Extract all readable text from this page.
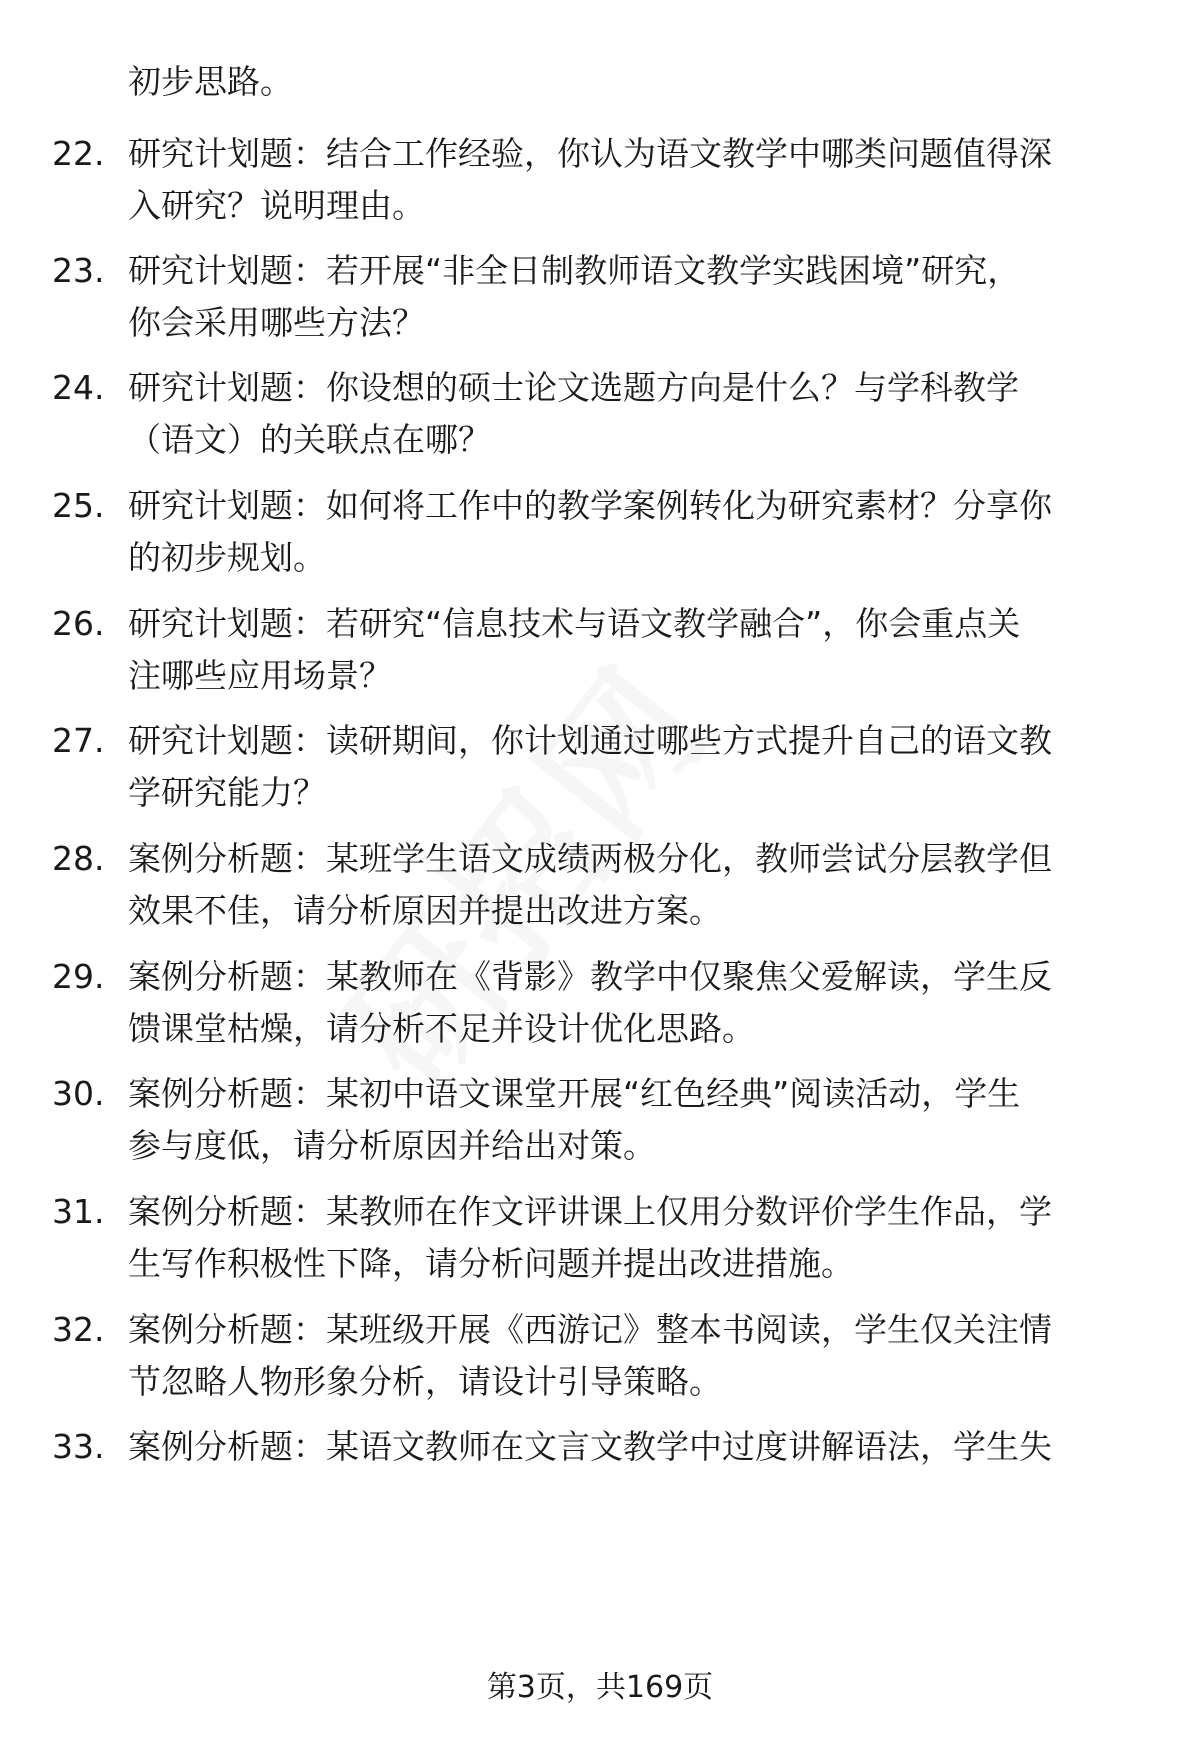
初步思路。
22. 研究计划题：结合工作经验，你认为语文教学中哪类问题值得深
入研究？说明理由。
23. 研究计划题：若开展“非全日制教师语文教学实践困境”研究，
你会采用哪些方法？
24. 研究计划题：你设想的硕士论文选题方向是什么？与学科教学
（语文）的关联点在哪？
25. 研究计划题：如何将工作中的教学案例转化为研究素材？分享你
的初步规划。
26. 研究计划题：若研究“信息技术与语文教学融合”，你会重点关
注哪些应用场景？
27. 研究计划题：读研期间，你计划通过哪些方式提升自己的语文教
学研究能力？
28. 案例分析题：某班学生语文成绩两极分化，教师尝试分层教学但
效果不佳，请分析原因并提出改进方案。
29. 案例分析题：某教师在《背影》教学中仅聚焦父爱解读，学生反
馈课堂枯燥，请分析不足并设计优化思路。
30. 案例分析题：某初中语文课堂开展“红色经典”阅读活动，学生
参与度低，请分析原因并给出对策。
31. 案例分析题：某教师在作文评讲课上仅用分数评价学生作品，学
生写作积极性下降，请分析问题并提出改进措施。
32. 案例分析题：某班级开展《西游记》整本书阅读，学生仅关注情
节忽略人物形象分析，请设计引导策略。
33. 案例分析题：某语文教师在文言文教学中过度讲解语法，学生失
第3页，共169页
